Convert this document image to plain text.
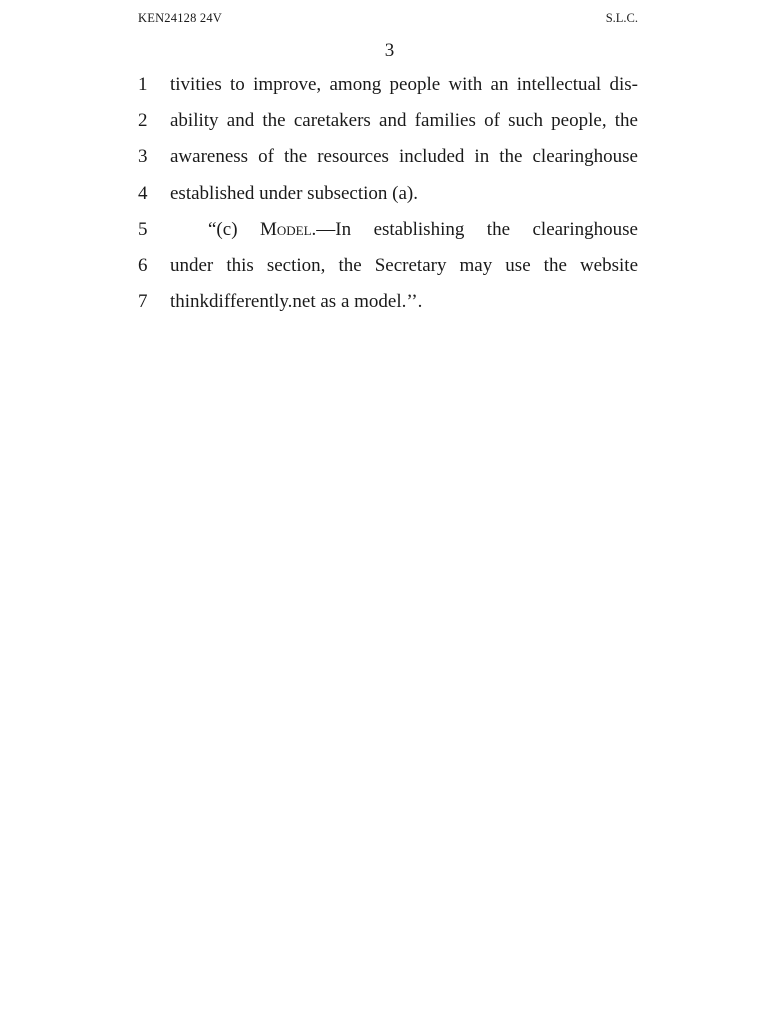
KEN24128 24V	S.L.C.
3
1	tivities to improve, among people with an intellectual dis-
2	ability and the caretakers and families of such people, the
3	awareness of the resources included in the clearinghouse
4	established under subsection (a).
5	“(c) Model.—In establishing the clearinghouse
6	under this section, the Secretary may use the website
7	thinkdifferently.net as a model.’’.
